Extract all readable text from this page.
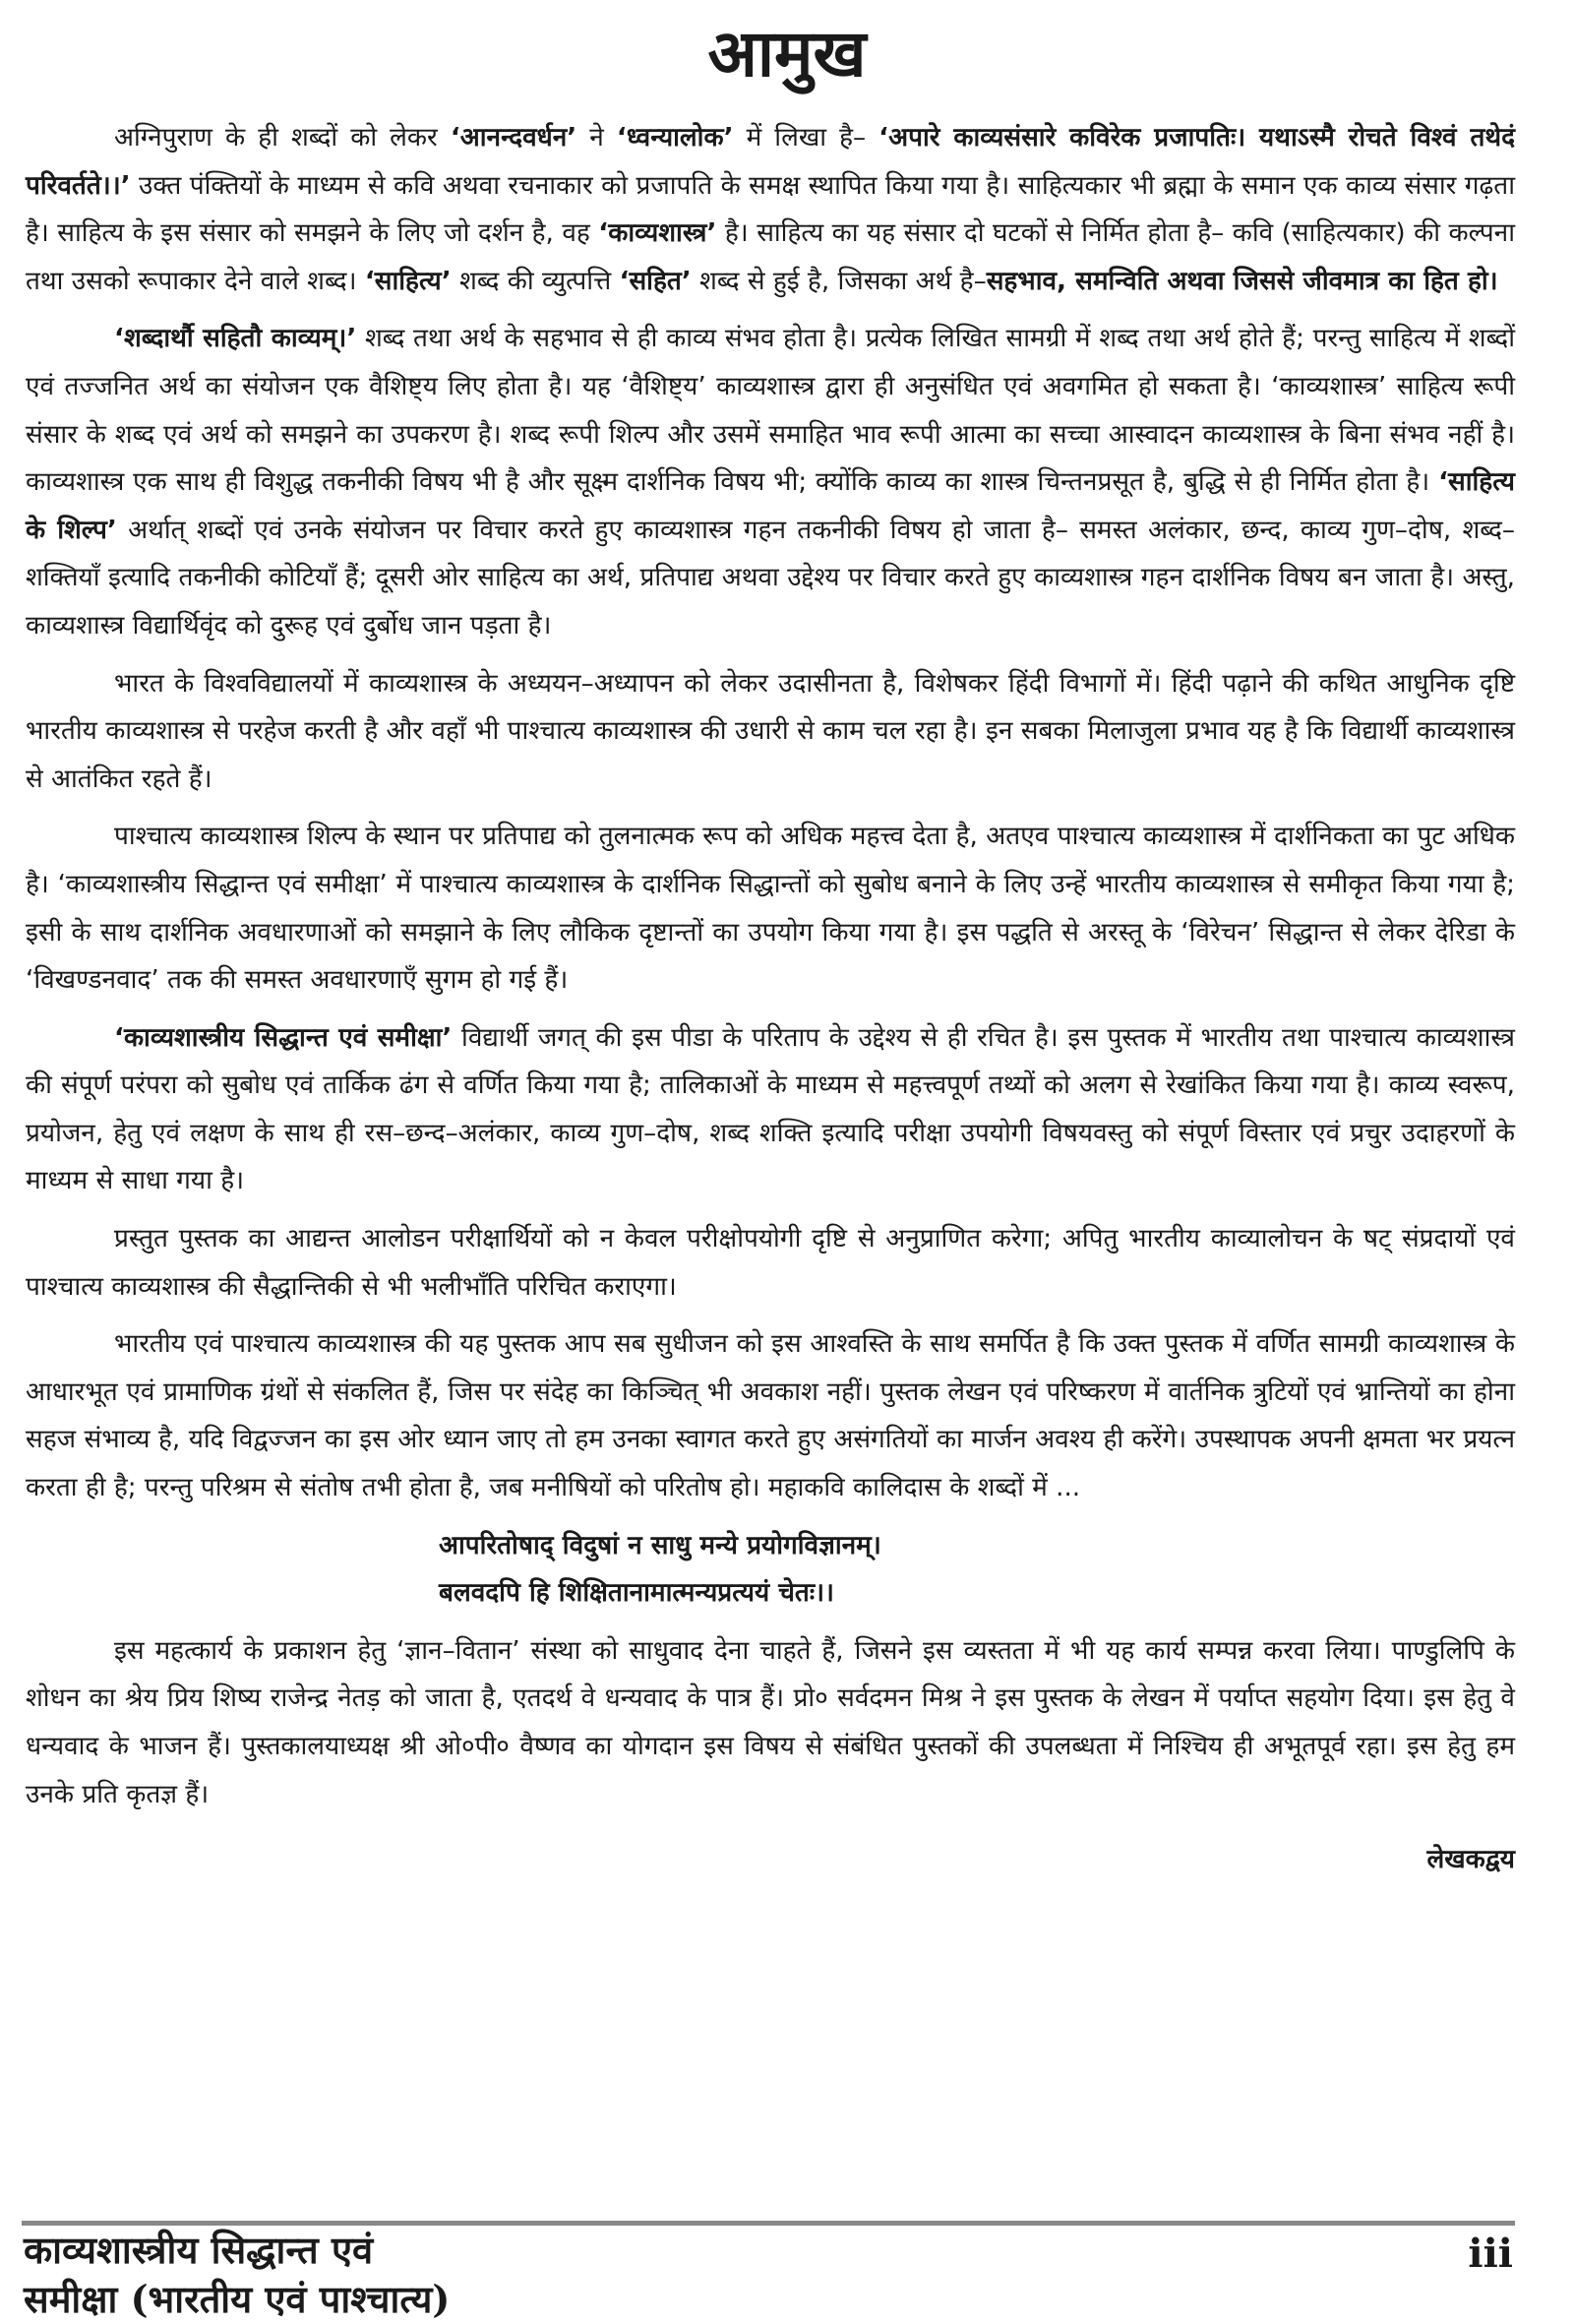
आमुख

अग्निपुराण के ही शब्दों को लेकर ‘आनन्दवर्धन’ ने ‘ध्वन्यालोक’ में लिखा है– ‘अपारे काव्यसंसारे कविरेक प्रजापतिः। यथाऽस्मै रोचते विश्वं तथेदं परिवर्तते।।’ उक्त पंक्तियों के माध्यम से कवि अथवा रचनाकार को प्रजापति के समक्ष स्थापित किया गया है। साहित्यकार भी ब्रह्मा के समान एक काव्य संसार गढ़ता है। साहित्य के इस संसार को समझने के लिए जो दर्शन है, वह ‘काव्यशास्त्र’ है। साहित्य का यह संसार दो घटकों से निर्मित होता है– कवि (साहित्यकार) की कल्पना तथा उसको रूपाकार देने वाले शब्द। ‘साहित्य’ शब्द की व्युत्पत्ति ‘सहित’ शब्द से हुई है, जिसका अर्थ है–सहभाव, समन्विति अथवा जिससे जीवमात्र का हित हो।

‘शब्दार्थौ सहितौ काव्यम्।’ शब्द तथा अर्थ के सहभाव से ही काव्य संभव होता है। प्रत्येक लिखित सामग्री में शब्द तथा अर्थ होते हैं; परन्तु साहित्य में शब्दों एवं तज्जनित अर्थ का संयोजन एक वैशिष्ट्य लिए होता है। यह ‘वैशिष्ट्य’ काव्यशास्त्र द्वारा ही अनुसंधित एवं अवगमित हो सकता है। ‘काव्यशास्त्र’ साहित्य रूपी संसार के शब्द एवं अर्थ को समझने का उपकरण है। शब्द रूपी शिल्प और उसमें समाहित भाव रूपी आत्मा का सच्चा आस्वादन काव्यशास्त्र के बिना संभव नहीं है। काव्यशास्त्र एक साथ ही विशुद्ध तकनीकी विषय भी है और सूक्ष्म दार्शनिक विषय भी; क्योंकि काव्य का शास्त्र चिन्तनप्रसूत है, बुद्धि से ही निर्मित होता है। ‘साहित्य के शिल्प’ अर्थात् शब्दों एवं उनके संयोजन पर विचार करते हुए काव्यशास्त्र गहन तकनीकी विषय हो जाता है– समस्त अलंकार, छन्द, काव्य गुण–दोष, शब्द–शक्तियाँ इत्यादि तकनीकी कोटियाँ हैं; दूसरी ओर साहित्य का अर्थ, प्रतिपाद्य अथवा उद्देश्य पर विचार करते हुए काव्यशास्त्र गहन दार्शनिक विषय बन जाता है। अस्तु, काव्यशास्त्र विद्यार्थिवृंद को दुरूह एवं दुर्बोध जान पड़ता है।

भारत के विश्वविद्यालयों में काव्यशास्त्र के अध्ययन–अध्यापन को लेकर उदासीनता है, विशेषकर हिंदी विभागों में। हिंदी पढ़ाने की कथित आधुनिक दृष्टि भारतीय काव्यशास्त्र से परहेज करती है और वहाँ भी पाश्चात्य काव्यशास्त्र की उधारी से काम चल रहा है। इन सबका मिलाजुला प्रभाव यह है कि विद्यार्थी काव्यशास्त्र से आतंकित रहते हैं।

पाश्चात्य काव्यशास्त्र शिल्प के स्थान पर प्रतिपाद्य को तुलनात्मक रूप को अधिक महत्त्व देता है, अतएव पाश्चात्य काव्यशास्त्र में दार्शनिकता का पुट अधिक है। ‘काव्यशास्त्रीय सिद्धान्त एवं समीक्षा’ में पाश्चात्य काव्यशास्त्र के दार्शनिक सिद्धान्तों को सुबोध बनाने के लिए उन्हें भारतीय काव्यशास्त्र से समीकृत किया गया है; इसी के साथ दार्शनिक अवधारणाओं को समझाने के लिए लौकिक दृष्टान्तों का उपयोग किया गया है। इस पद्धति से अरस्तू के ‘विरेचन’ सिद्धान्त से लेकर देरिडा के ‘विखण्डनवाद’ तक की समस्त अवधारणाएँ सुगम हो गई हैं।

‘काव्यशास्त्रीय सिद्धान्त एवं समीक्षा’ विद्यार्थी जगत् की इस पीडा के परिताप के उद्देश्य से ही रचित है। इस पुस्तक में भारतीय तथा पाश्चात्य काव्यशास्त्र की संपूर्ण परंपरा को सुबोध एवं तार्किक ढंग से वर्णित किया गया है; तालिकाओं के माध्यम से महत्त्वपूर्ण तथ्यों को अलग से रेखांकित किया गया है। काव्य स्वरूप, प्रयोजन, हेतु एवं लक्षण के साथ ही रस–छन्द–अलंकार, काव्य गुण–दोष, शब्द शक्ति इत्यादि परीक्षा उपयोगी विषयवस्तु को संपूर्ण विस्तार एवं प्रचुर उदाहरणों के माध्यम से साधा गया है।

प्रस्तुत पुस्तक का आद्यन्त आलोडन परीक्षार्थियों को न केवल परीक्षोपयोगी दृष्टि से अनुप्राणित करेगा; अपितु भारतीय काव्यालोचन के षट् संप्रदायों एवं पाश्चात्य काव्यशास्त्र की सैद्धान्तिकी से भी भलीभाँति परिचित कराएगा।

भारतीय एवं पाश्चात्य काव्यशास्त्र की यह पुस्तक आप सब सुधीजन को इस आश्वस्ति के साथ समर्पित है कि उक्त पुस्तक में वर्णित सामग्री काव्यशास्त्र के आधारभूत एवं प्रामाणिक ग्रंथों से संकलित हैं, जिस पर संदेह का किञ्चित् भी अवकाश नहीं। पुस्तक लेखन एवं परिष्करण में वार्तनिक त्रुटियों एवं भ्रान्तियों का होना सहज संभाव्य है, यदि विद्वज्जन का इस ओर ध्यान जाए तो हम उनका स्वागत करते हुए असंगतियों का मार्जन अवश्य ही करेंगे। उपस्थापक अपनी क्षमता भर प्रयत्न करता ही है; परन्तु परिश्रम से संतोष तभी होता है, जब मनीषियों को परितोष हो। महाकवि कालिदास के शब्दों में ...

आपरितोषाद् विदुषां न साधु मन्ये प्रयोगविज्ञानम्।
बलवदपि हि शिक्षितानामात्मन्यप्रत्ययं चेतः।।

इस महत्कार्य के प्रकाशन हेतु ‘ज्ञान–वितान’ संस्था को साधुवाद देना चाहते हैं, जिसने इस व्यस्तता में भी यह कार्य सम्पन्न करवा लिया। पाण्डुलिपि के शोधन का श्रेय प्रिय शिष्य राजेन्द्र नेतड़ को जाता है, एतदर्थ वे धन्यवाद के पात्र हैं। प्रो० सर्वदमन मिश्र ने इस पुस्तक के लेखन में पर्याप्त सहयोग दिया। इस हेतु वे धन्यवाद के भाजन हैं। पुस्तकालयाध्यक्ष श्री ओ०पी० वैष्णव का योगदान इस विषय से संबंधित पुस्तकों की उपलब्धता में निश्चिय ही अभूतपूर्व रहा। इस हेतु हम उनके प्रति कृतज्ञ हैं।

लेखकद्वय

काव्यशास्त्रीय सिद्धान्त एवं
समीक्षा (भारतीय एवं पाश्चात्य)
iii
